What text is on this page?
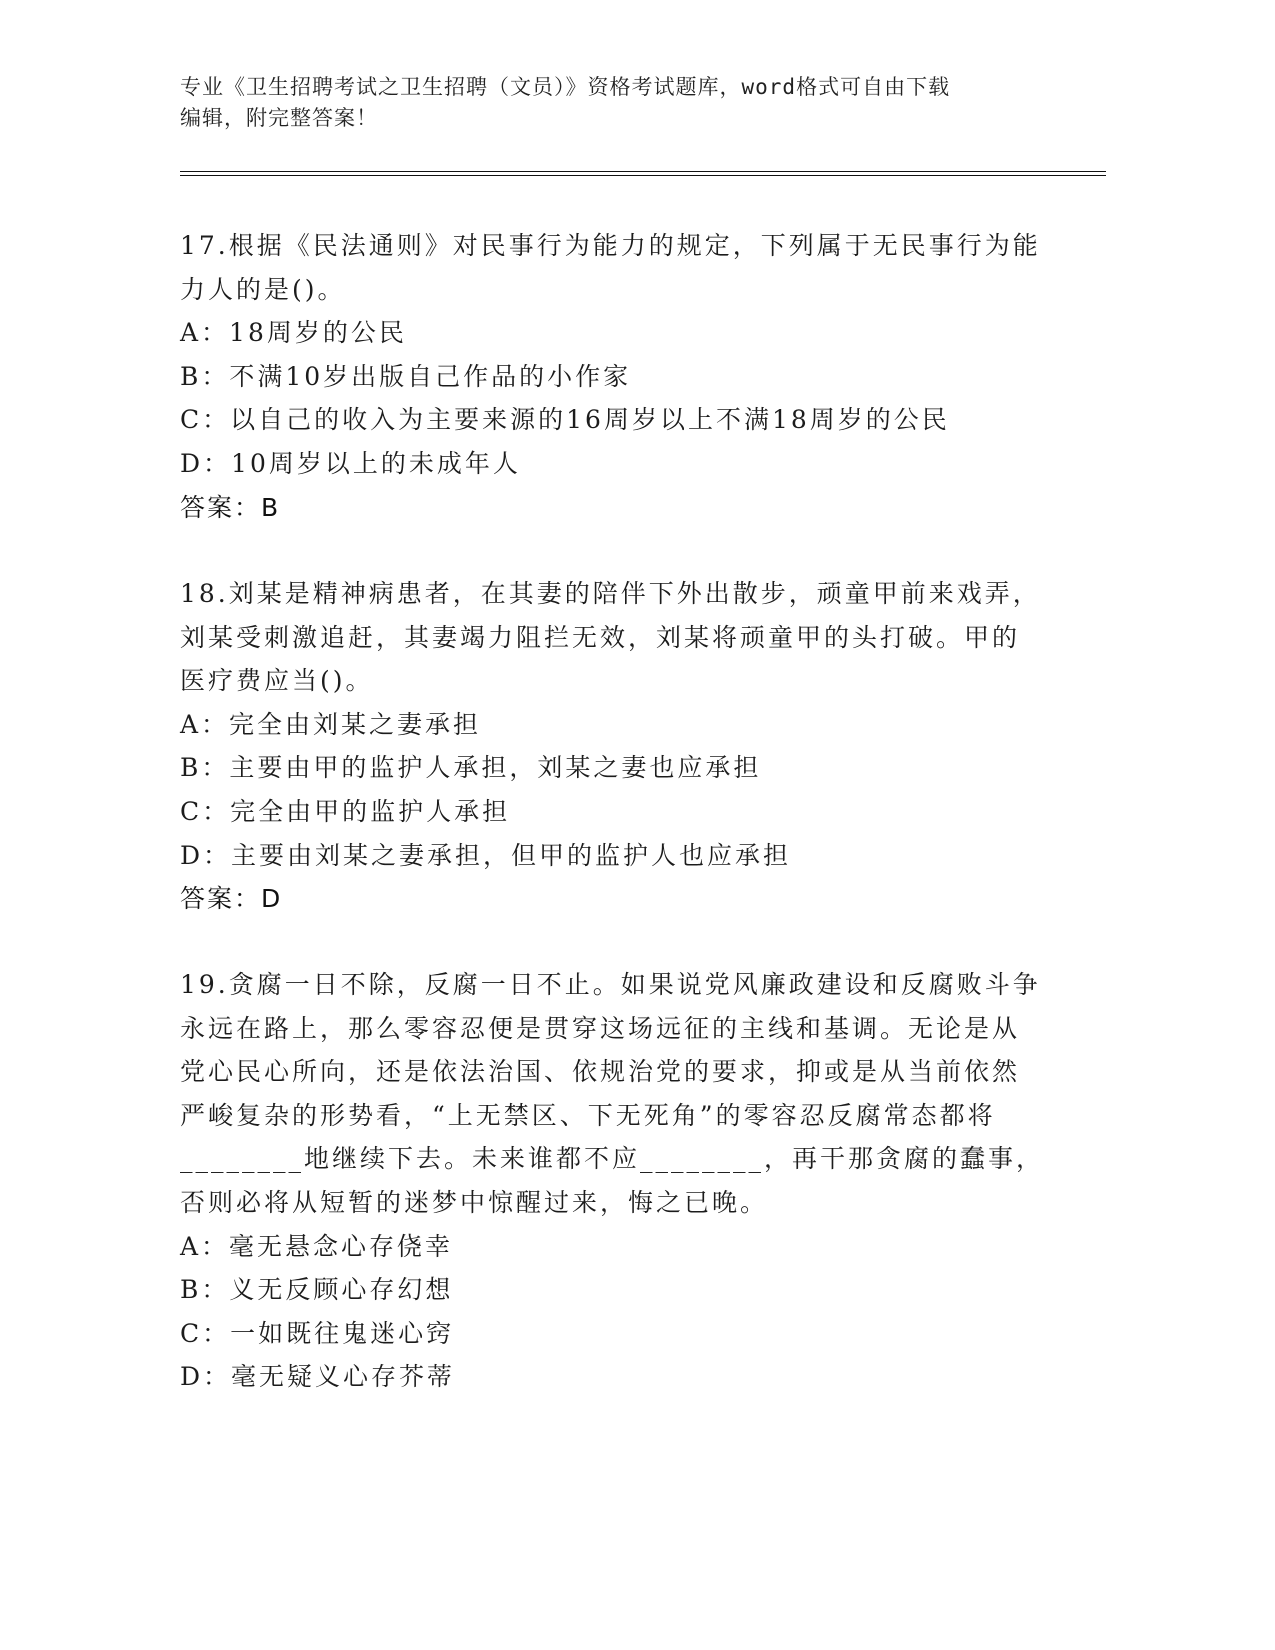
专业《卫生招聘考试之卫生招聘（文员）》资格考试题库，word格式可自由下载
编辑，附完整答案！
17.根据《民法通则》对民事行为能力的规定，下列属于无民事行为能
力人的是()。
A：18周岁的公民
B：不满10岁出版自己作品的小作家
C：以自己的收入为主要来源的16周岁以上不满18周岁的公民
D：10周岁以上的未成年人
答案：B
18.刘某是精神病患者，在其妻的陪伴下外出散步，顽童甲前来戏弄，
刘某受刺激追赶，其妻竭力阻拦无效，刘某将顽童甲的头打破。甲的
医疗费应当()。
A：完全由刘某之妻承担
B：主要由甲的监护人承担，刘某之妻也应承担
C：完全由甲的监护人承担
D：主要由刘某之妻承担，但甲的监护人也应承担
答案：D
19.贪腐一日不除，反腐一日不止。如果说党风廉政建设和反腐败斗争
永远在路上，那么零容忍便是贯穿这场远征的主线和基调。无论是从
党心民心所向，还是依法治国、依规治党的要求，抑或是从当前依然
严峻复杂的形势看，“上无禁区、下无死角”的零容忍反腐常态都将
________地继续下去。未来谁都不应________，再干那贪腐的蠢事，
否则必将从短暂的迷梦中惊醒过来，悔之已晚。
A：毫无悬念心存侥幸
B：义无反顾心存幻想
C：一如既往鬼迷心窍
D：毫无疑义心存芥蒂
